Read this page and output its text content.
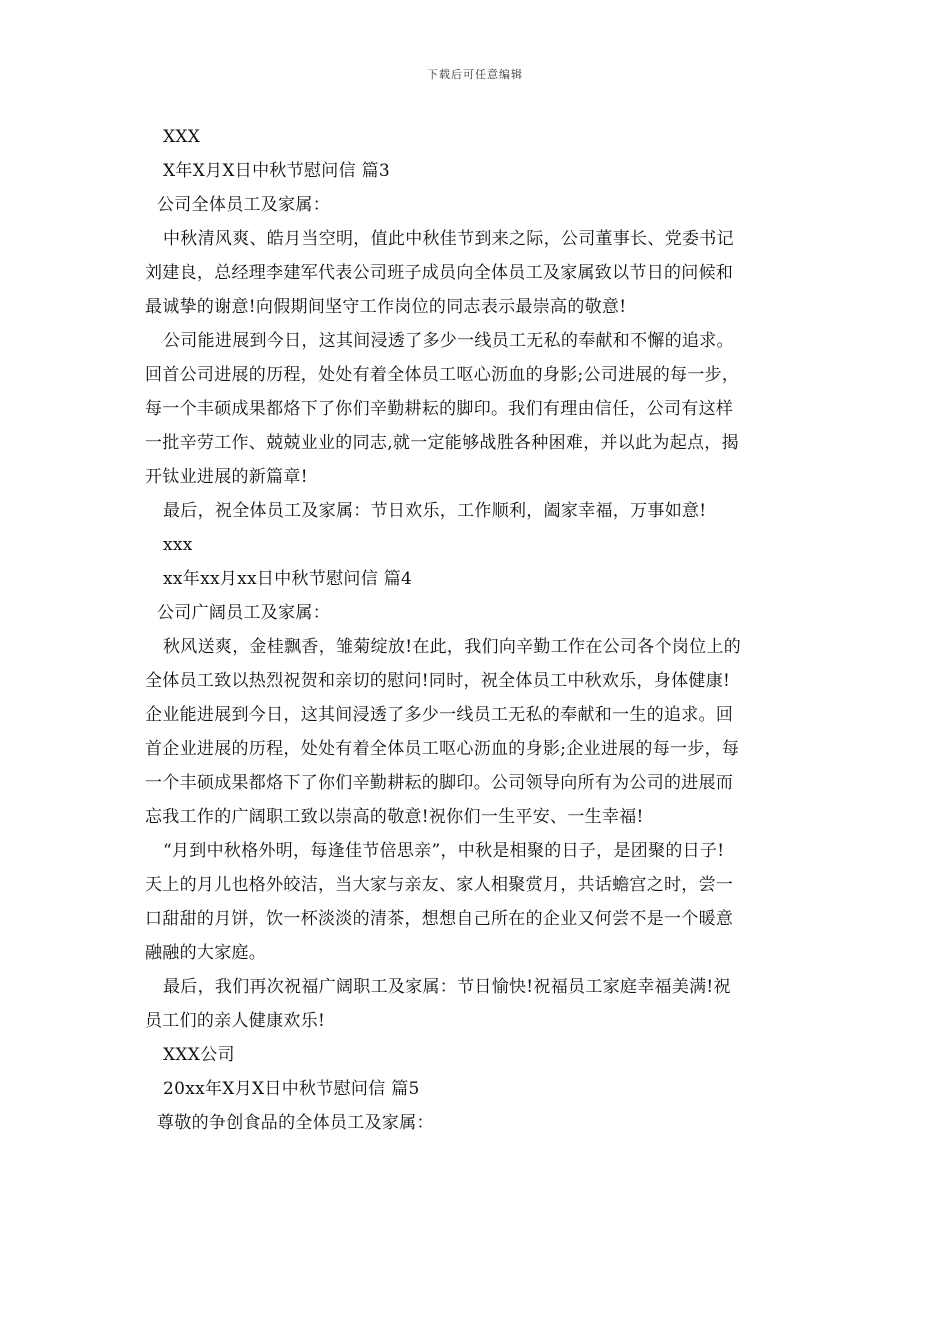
下载后可任意编辑
XXX
X年X月X日中秋节慰问信 篇3
公司全体员工及家属：
中秋清风爽、皓月当空明，值此中秋佳节到来之际，公司董事长、党委书记
刘建良，总经理李建军代表公司班子成员向全体员工及家属致以节日的问候和
最诚挚的谢意!向假期间坚守工作岗位的同志表示最崇高的敬意!
公司能进展到今日，这其间浸透了多少一线员工无私的奉献和不懈的追求。
回首公司进展的历程，处处有着全体员工呕心沥血的身影;公司进展的每一步，
每一个丰硕成果都烙下了你们辛勤耕耘的脚印。我们有理由信任，公司有这样
一批辛劳工作、兢兢业业的同志,就一定能够战胜各种困难，并以此为起点，揭
开钛业进展的新篇章!
最后，祝全体员工及家属：节日欢乐，工作顺利，阖家幸福，万事如意!
xxx
xx年xx月xx日中秋节慰问信 篇4
公司广阔员工及家属：
秋风送爽，金桂飘香，雏菊绽放!在此，我们向辛勤工作在公司各个岗位上的
全体员工致以热烈祝贺和亲切的慰问!同时，祝全体员工中秋欢乐，身体健康!
企业能进展到今日，这其间浸透了多少一线员工无私的奉献和一生的追求。回
首企业进展的历程，处处有着全体员工呕心沥血的身影;企业进展的每一步，每
一个丰硕成果都烙下了你们辛勤耕耘的脚印。公司领导向所有为公司的进展而
忘我工作的广阔职工致以崇高的敬意!祝你们一生平安、一生幸福!
“月到中秋格外明，每逢佳节倍思亲”，中秋是相聚的日子，是团聚的日子!
天上的月儿也格外皎洁，当大家与亲友、家人相聚赏月，共话蟾宫之时，尝一
口甜甜的月饼，饮一杯淡淡的清茶，想想自己所在的企业又何尝不是一个暖意
融融的大家庭。
最后，我们再次祝福广阔职工及家属：节日愉快!祝福员工家庭幸福美满!祝
员工们的亲人健康欢乐!
XXX公司
20xx年X月X日中秋节慰问信 篇5
尊敬的争创食品的全体员工及家属：
